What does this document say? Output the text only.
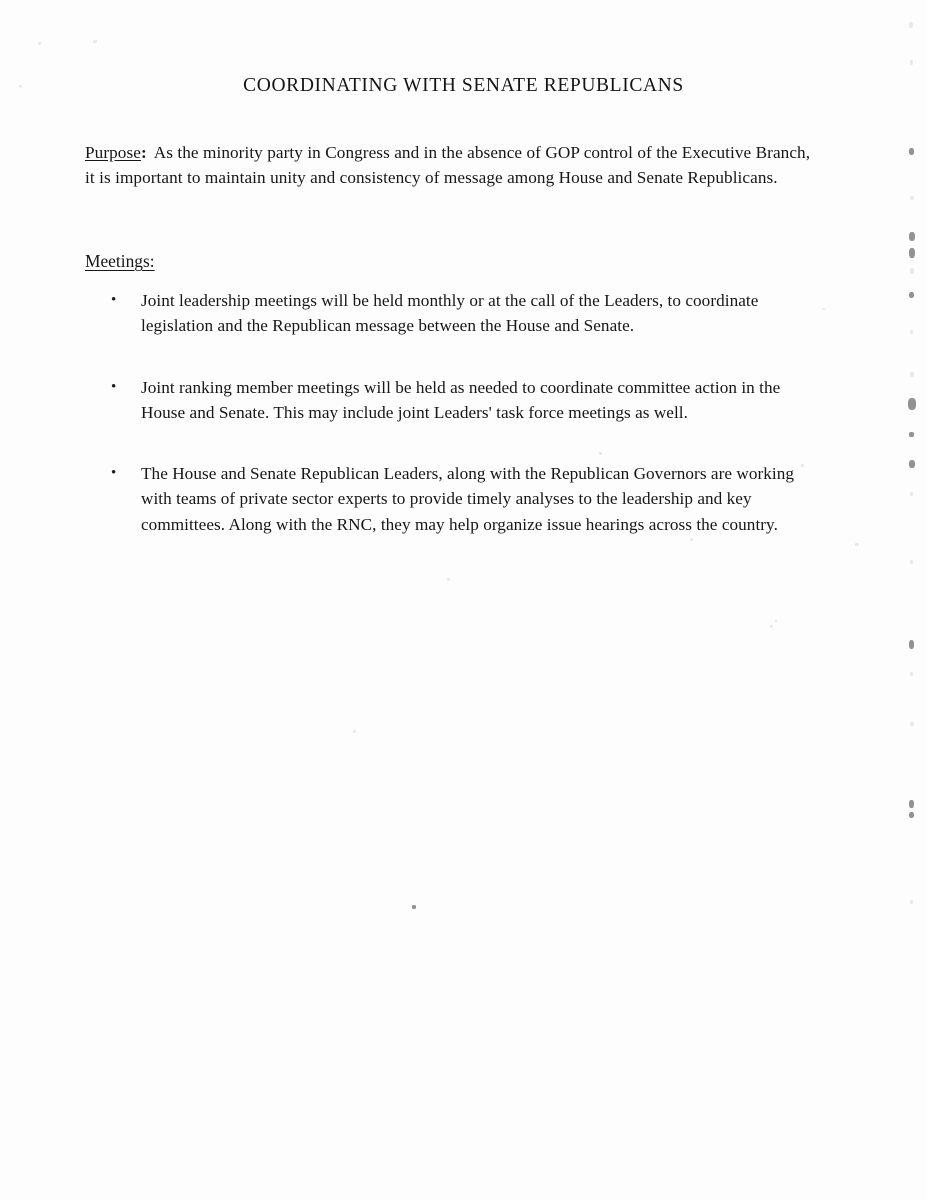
COORDINATING WITH SENATE REPUBLICANS

Purpose: As the minority party in Congress and in the absence of GOP control of the Executive Branch, it is important to maintain unity and consistency of message among House and Senate Republicans.

Meetings:
• Joint leadership meetings will be held monthly or at the call of the Leaders, to coordinate legislation and the Republican message between the House and Senate.
• Joint ranking member meetings will be held as needed to coordinate committee action in the House and Senate. This may include joint Leaders' task force meetings as well.
• The House and Senate Republican Leaders, along with the Republican Governors are working with teams of private sector experts to provide timely analyses to the leadership and key committees. Along with the RNC, they may help organize issue hearings across the country.
